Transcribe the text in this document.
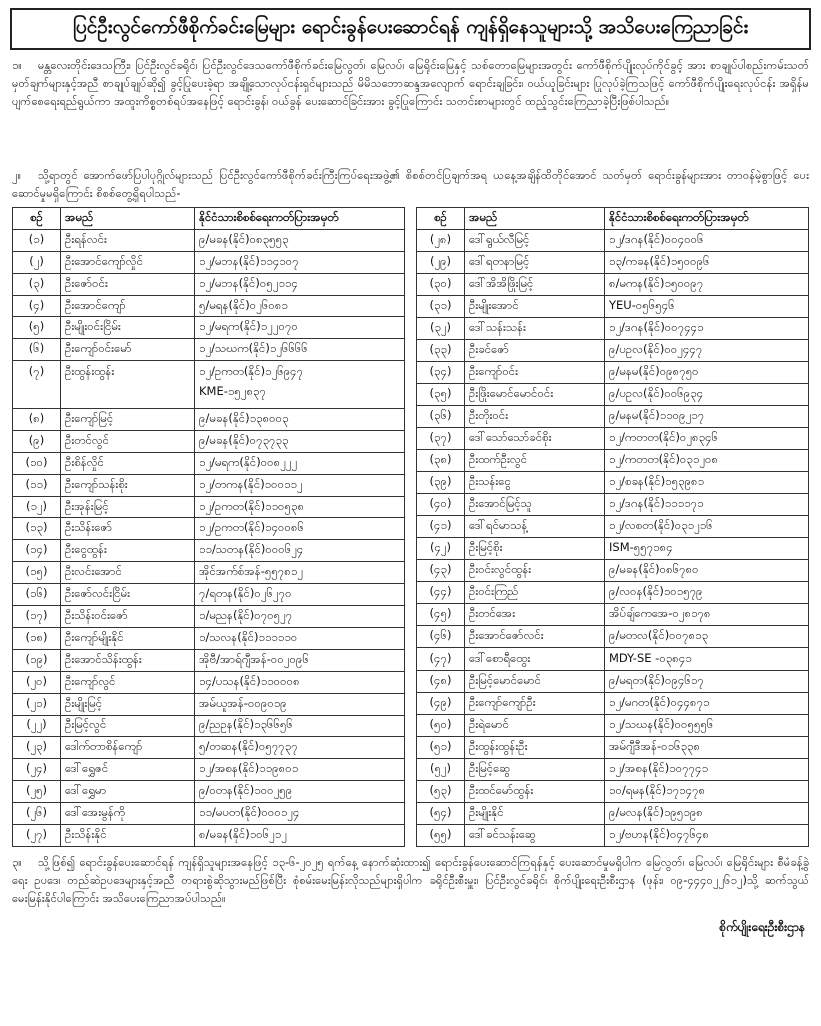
ပြင်ဦးလွင်ကော်ဖီစိုက်ခင်းမြေများ ရောင်းခွန်ပေးဆောင်ရန် ကျန်ရှိနေသူများသို့ အသိပေးကြေညာခြင်း
၁။ မန္တလေးတိုင်းဒေသကြီး၊ ပြင်ဦးလွင်ခရိုင်၊ ပြင်ဦးလွင်ဒေသကော်ဖီစိုက်ခင်းမြေလွတ်၊ မြေလပ်၊ မြေရိုင်းမြေနှင့် သစ်တောမြေများအတွင်း ကော်ဖီစိုက်ပျိုးလုပ်ကိုင်ခွင့် အား စာချုပ်ပါစည်းကမ်းသတ်မှတ်ချက်များနှင့်အညီ စာချုပ်ချုပ်ဆို၍ ခွင့်ပြုပေးခဲ့ရာ အချို့သောလုပ်ငန်းရှင်များသည် မိမိသဘောဆန္ဒအလျောက် ရောင်းချခြင်း၊ ဝယ်ယူခြင်းများ ပြုလုပ်ခဲ့ကြသဖြင့် ကော်ဖီစိုက်ပျိုးရေးလုပ်ငန်း အရှိန်မပျက်စေရေးရည်ရွယ်ကာ အထူးကိစ္စတစ်ရပ်အနေဖြင့် ရောင်းခွန်၊ ဝယ်ခွန် ပေးဆောင်ခြင်းအား ခွင့်ပြုကြောင်း သတင်းစာများတွင် ထည့်သွင်းကြေညာခဲ့ပြီးဖြစ်ပါသည်။
၂။ သို့ရာတွင် အောက်ဖော်ပြပါပုဂ္ဂိုလ်များသည် ပြင်ဦးလွင်ကော်ဖီစိုက်ခင်းကြီးကြပ်ရေးအဖွဲ့၏ စိစစ်တင်ပြချက်အရ ယနေ့အချိန်ထိတိုင်အောင် သတ်မှတ် ရောင်းခွန်များအား တာဝန်မဲ့စွာဖြင့် ပေးဆောင်မှုမရှိကြောင်း စိစစ်တွေ့ရှိရပါသည်-
စဉ်	အမည်	နိုင်ငံသားစိစစ်ရေးကတ်ပြားအမှတ်
(၁)	ဦးရန်လင်း	၉/မခန(နိုင်)၀၈၃၅၅၃
(၂)	ဦးအောင်ကျော်လှိုင်	၁၂/မဘန(နိုင်)၁၁၄၁၀၇
(၃)	ဦးဇော်ဝင်း	၁၂/မဘန(နိုင်)၀၅၂၁၁၄
(၄)	ဦးအောင်ကျော်	၅/မရန(နိုင်)၀၂၆၀၈၁
(၅)	ဦးမျိုးဝင်းငြိမ်း	၁၂/မရက(နိုင်)၁၂၂၀၇၀
(၆)	ဦးကျော်ဝင်းမော်	၁၂/သဃက(နိုင်)၁၂၆၆၆၆
(၇)	ဦးထွန်းထွန်း	၁၂/ဥကတ(နိုင်)၁၂၆၉၄၇
KME-၁၅၂၈၃၇

(၈)	ဦးကျော်မြင့်	၉/မခန(နိုင်)၁၃၈၀၀၃
(၉)	ဦးတင်လွင်	၉/မခန(နိုင်)၀၇၃၇၃၃
(၁၀)	ဦးစိန်လှိုင်	၁၂/မရက(နိုင်)၀၀၈၂၂၂
(၁၁)	ဦးကျော်သန်းစိုး	၁၂/တကန(နိုင်)၁၀၀၁၁၂
(၁၂)	ဦးအုန်းမြင့်	၁၂/ဥကတ(နိုင်)၁၁၀၅၃၈
(၁၃)	ဦးသိန်းဇော်	၁၂/ဥကတ(နိုင်)၁၄၀၀၈၆
(၁၄)	ဦးငွေထွန်း	၁၁/သတန(နိုင်)၀၀၀၆၂၄
(၁၅)	ဦးလင်းအောင်	အိုင်အက်စ်အန်-၅၅၇၈၁၂
(၁၆)	ဦးဇော်လင်းငြိမ်း	၇/ရတန(နိုင်)၀၂၆၂၇၀
(၁၇)	ဦးသိန်းဝင်းဇော်	၁/မညန(နိုင်)၀၇၀၅၂၇
(၁၈)	ဦးကျော်မျိုးနိုင်	၁/သလန(နိုင်)၁၁၁၁၁၀
(၁၉)	ဦးအောင်သိန်းထွန်း	အိုဗီ/အာရ်ဂျီအန်-၀၀၂၀၉၆
(၂၀)	ဦးကျော်လွင်	၁၄/ပသန(နိုင်)၁၁၀၀၀၈
(၂၁)	ဦးမျိုးမြင့်	အမ်ယူအန်-၀၀၉၀၁၉
(၂၂)	ဦးမြင့်လွင်	၉/ညဥန(နိုင်)၁၃၆၆၅၆
(၂၃)	ဒေါက်တာစိန်ကျော်	၅/တဆန(နိုင်)၀၅၇၇၃၇
(၂၄)	ဒေါ်ရွှေဇင်	၁၂/အစန(နိုင်)၁၁၉၈၀၁
(၂၅)	ဒေါ်ရွှေမာ	၉/ဝတန(နိုင်)၁၀၀၂၅၉
(၂၆)	ဒေါ်အေးမွန်ကို	၁၁/မပတ(နိုင်)၀၀၀၁၂၄
(၂၇)	ဦးသိန်းနိုင်	၈/မခန(နိုင်)၁၀၆၂၁၂
စဉ်	အမည်	နိုင်ငံသားစိစစ်ရေးကတ်ပြားအမှတ်
(၂၈)	ဒေါ်ရွယ်လီမြင့်	၁၂/ဒဂန(နိုင်)၀၀၄၀၀၆
(၂၉)	ဒေါ်ရတနာမြင့်	၁၃/ကခန(နိုင်)၁၅၀၀၉၆
(၃၀)	ဒေါ်အိအိဖြိုးမြင့်	၈/မကန(နိုင်)၁၅၀၀၉၇
(၃၁)	ဦးမျိုးအောင်	YEU-၀၅၆၅၄၆
(၃၂)	ဒေါ်သန်းသန်း	၁၂/ဒဂန(နိုင်)၀၀၇၄၄၁
(၃၃)	ဦးခင်ဇော်	၉/ပဥလ(နိုင်)၀၀၂၄၄၇
(၃၄)	ဦးကျော်ဝင်း	၉/မနမ(နိုင်)၀၉၈၇၅၀
(၃၅)	ဦးဖြိုးမောင်မောင်ဝင်း	၉/ပဥလ(နိုင်)၀၀၆၉၃၄
(၃၆)	ဦးတိုးဝင်း	၉/မနမ(နိုင်)၁၁၀၉၂၁၇
(၃၇)	ဒေါ်သော်သော်ခင်စိုး	၁၂/ကတတ(နိုင်)၀၂၈၃၄၆
(၃၈)	ဦးထက်ဦးလွင်	၁၂/ကတတ(နိုင်)၀၃၁၂၀၈
(၃၉)	ဦးသန်းငွေ	၁၂/စခန(နိုင်)၁၅၃၉၈၁
(၄၀)	ဦးအောင်မြင့်သူ	၁၂/ဒဂန(နိုင်)၁၁၁၁၇၁
(၄၁)	ဒေါ်ရင်မာသန့်	၁၂/လစတ(နိုင်)၀၃၁၂၁၆
(၄၂)	ဦးမြင့်စိုး	ISM-၅၅၇၁၈၄
(၄၃)	ဦးဝင်းလွင်ထွန်း	၉/မခန(နိုင်)၀၈၆၇၈၀
(၄၄)	ဦးဝင်းကြည်	၉/လဝန(နိုင်)၁၀၁၅၇၉
(၄၅)	ဦးတင်အေး	အိပ်ချ်ကေအေ-၀၂၈၁၇၈
(၄၆)	ဦးအောင်ဇော်လင်း	၉/မတလ(နိုင်)၀၀၇၈၁၃
(၄၇)	ဒေါ်စောရီထွေး	MDY-SE -၀၃၈၄၁
(၄၈)	ဦးမြင့်မောင်မောင်	၉/မရတ(နိုင်)၀၉၄၆၁၇
(၄၉)	ဦးကျော်ကျော်ဦး	၁၂/မဂတ(နိုင်)၀၄၄၈၇၁
(၅၀)	ဦးရဲမောင်	၁၂/သဃန(နိုင်)၀၀၅၅၅၆
(၅၁)	ဦးထွန်းထွန်းဦး	အမ်ဂျီဒီအန်-၀၁၆၃၃၈
(၅၂)	ဦးမြင့်ဆွေ	၁၂/အစန(နိုင်)၁၀၇၇၄၁
(၅၃)	ဦးထင်မော်ထွန်း	၁၀/ရမန(နိုင်)၁၇၁၄၇၈
(၅၄)	ဦးမျိုးနိုင်	၉/မလန(နိုင်)၁၉၅၁၉၈
(၅၅)	ဒေါ်ခင်သန်းဆွေ	၁၂/ဗဟန(နိုင်)၀၄၇၆၄၈
၃။ သို့ဖြစ်၍ ရောင်းခွန်ပေးဆောင်ရန် ကျန်ရှိသူများအနေဖြင့် ၁၃-၆-၂၀၂၅ ရက်နေ့ နောက်ဆုံးထား၍ ရောင်းခွန်ပေးဆောင်ကြရန်နှင့် ပေးဆောင်မှုမရှိပါက မြေလွတ်၊ မြေလပ်၊ မြေရိုင်းများ စီမံခန့်ခွဲရေး ဥပဒေ၊ တည်ဆဲဥပဒေများနှင့်အညီ တရားစွဲဆိုသွားမည်ဖြစ်ပြီး စုံစမ်းမေးမြန်းလိုသည်များရှိပါက ခရိုင်ဦးစီးမှူး၊ ပြင်ဦးလွင်ခရိုင်၊ စိုက်ပျိုးရေးဦးစီးဌာန (ဖုန်း၊ ၀၉-၄၄၄၀၂၂၆၁၂)သို့ ဆက်သွယ်မေးမြန်းနိုင်ပါကြောင်း အသိပေးကြေညာအပ်ပါသည်။
စိုက်ပျိုးရေးဦးစီးဌာန
